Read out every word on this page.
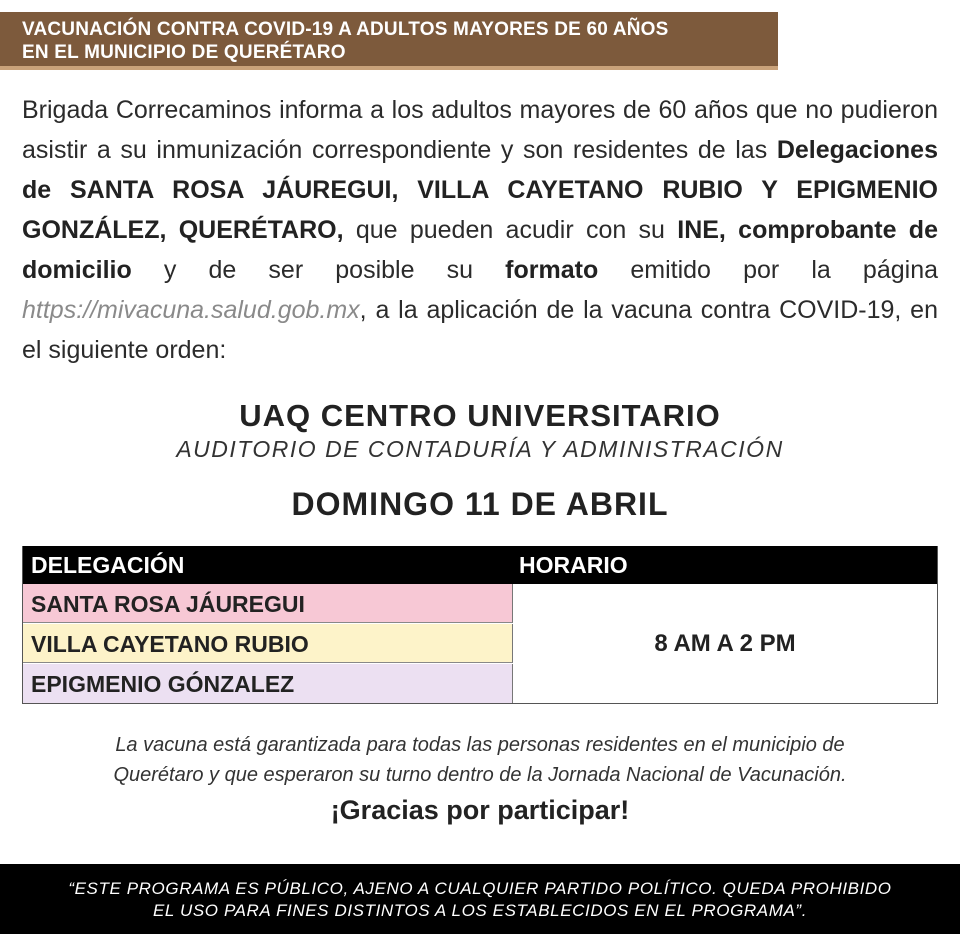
VACUNACIÓN CONTRA COVID-19 A ADULTOS MAYORES DE 60 AÑOS
EN EL MUNICIPIO DE QUERÉTARO
Brigada Correcaminos informa a los adultos mayores de 60 años que no pudieron asistir a su inmunización correspondiente y son residentes de las Delegaciones de SANTA ROSA JÁUREGUI, VILLA CAYETANO RUBIO Y EPIGMENIO GONZÁLEZ, QUERÉTARO, que pueden acudir con su INE, comprobante de domicilio y de ser posible su formato emitido por la página https://mivacuna.salud.gob.mx, a la aplicación de la vacuna contra COVID-19, en el siguiente orden:
UAQ CENTRO UNIVERSITARIO
AUDITORIO DE CONTADURÍA Y ADMINISTRACIÓN
DOMINGO 11 DE ABRIL
DELEGACIÓN	HORARIO
SANTA ROSA JÁUREGUI
VILLA CAYETANO RUBIO
EPIGMENIO GÓNZALEZ
8 AM A 2 PM
La vacuna está garantizada para todas las personas residentes en el municipio de
Querétaro y que esperaron su turno dentro de la Jornada Nacional de Vacunación.
¡Gracias por participar!
“ESTE PROGRAMA ES PÚBLICO, AJENO A CUALQUIER PARTIDO POLÍTICO. QUEDA PROHIBIDO
EL USO PARA FINES DISTINTOS A LOS ESTABLECIDOS EN EL PROGRAMA”.
